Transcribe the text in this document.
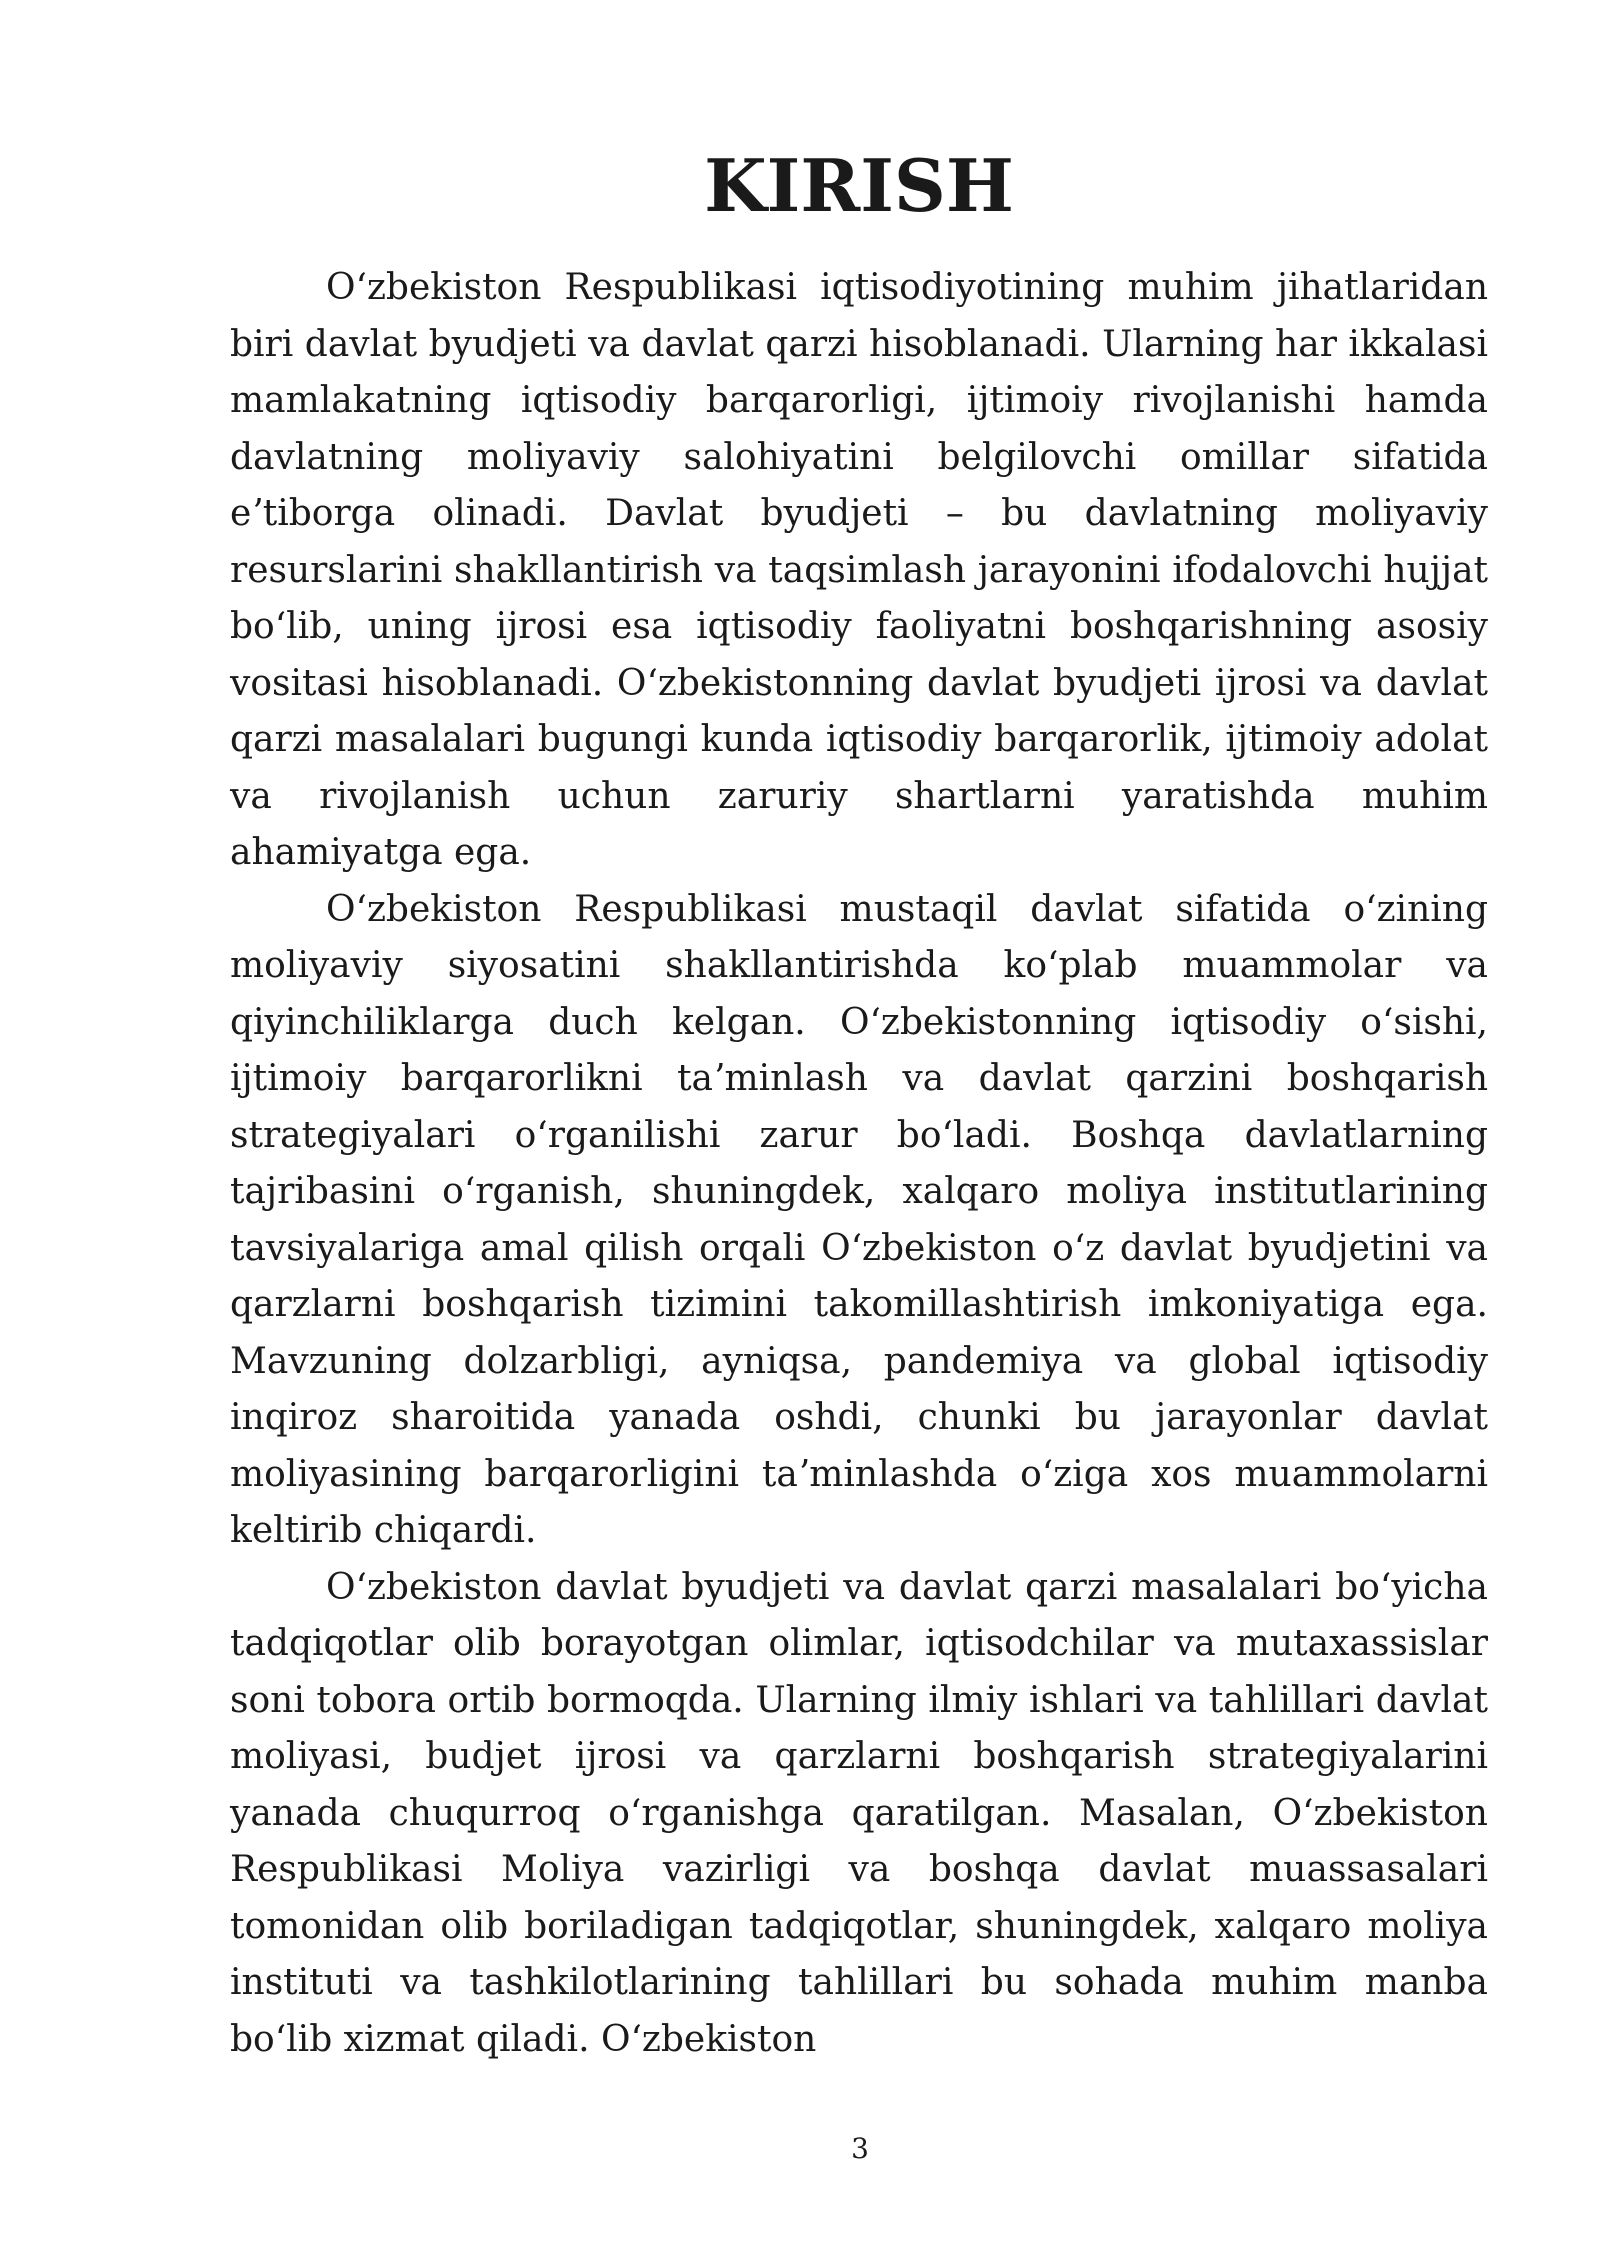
KIRISH

Oʻzbekiston Respublikasi iqtisodiyotining muhim jihatlaridan biri davlat byudjeti va davlat qarzi hisoblanadi. Ularning har ikkalasi mamlakatning iqtisodiy barqarorligi, ijtimoiy rivojlanishi hamda davlatning moliyaviy salohiyatini belgilovchi omillar sifatida eʼtiborga olinadi. Davlat byudjeti – bu davlatning moliyaviy resurslarini shakllantirish va taqsimlash jarayonini ifodalovchi hujjat boʻlib, uning ijrosi esa iqtisodiy faoliyatni boshqarishning asosiy vositasi hisoblanadi. Oʻzbekistonning davlat byudjeti ijrosi va davlat qarzi masalalari bugungi kunda iqtisodiy barqarorlik, ijtimoiy adolat va rivojlanish uchun zaruriy shartlarni yaratishda muhim ahamiyatga ega.

Oʻzbekiston Respublikasi mustaqil davlat sifatida oʻzining moliyaviy siyosatini shakllantirishda koʻplab muammolar va qiyinchiliklarga duch kelgan. Oʻzbekistonning iqtisodiy oʻsishi, ijtimoiy barqarorlikni taʼminlash va davlat qarzini boshqarish strategiyalari oʻrganilishi zarur boʻladi. Boshqa davlatlarning tajribasini oʻrganish, shuningdek, xalqaro moliya institutlarining tavsiyalariga amal qilish orqali Oʻzbekiston oʻz davlat byudjetini va qarzlarni boshqarish tizimini takomillashtirish imkoniyatiga ega. Mavzuning dolzarbligi, ayniqsa, pandemiya va global iqtisodiy inqiroz sharoitida yanada oshdi, chunki bu jarayonlar davlat moliyasining barqarorligini taʼminlashda oʻziga xos muammolarni keltirib chiqardi.

Oʻzbekiston davlat byudjeti va davlat qarzi masalalari boʻyicha tadqiqotlar olib borayotgan olimlar, iqtisodchilar va mutaxassislar soni tobora ortib bormoqda. Ularning ilmiy ishlari va tahlillari davlat moliyasi, budjet ijrosi va qarzlarni boshqarish strategiyalarini yanada chuqurroq oʻrganishga qaratilgan. Masalan, Oʻzbekiston Respublikasi Moliya vazirligi va boshqa davlat muassasalari tomonidan olib boriladigan tadqiqotlar, shuningdek, xalqaro moliya instituti va tashkilotlarining tahlillari bu sohada muhim manba boʻlib xizmat qiladi. Oʻzbekiston

3
